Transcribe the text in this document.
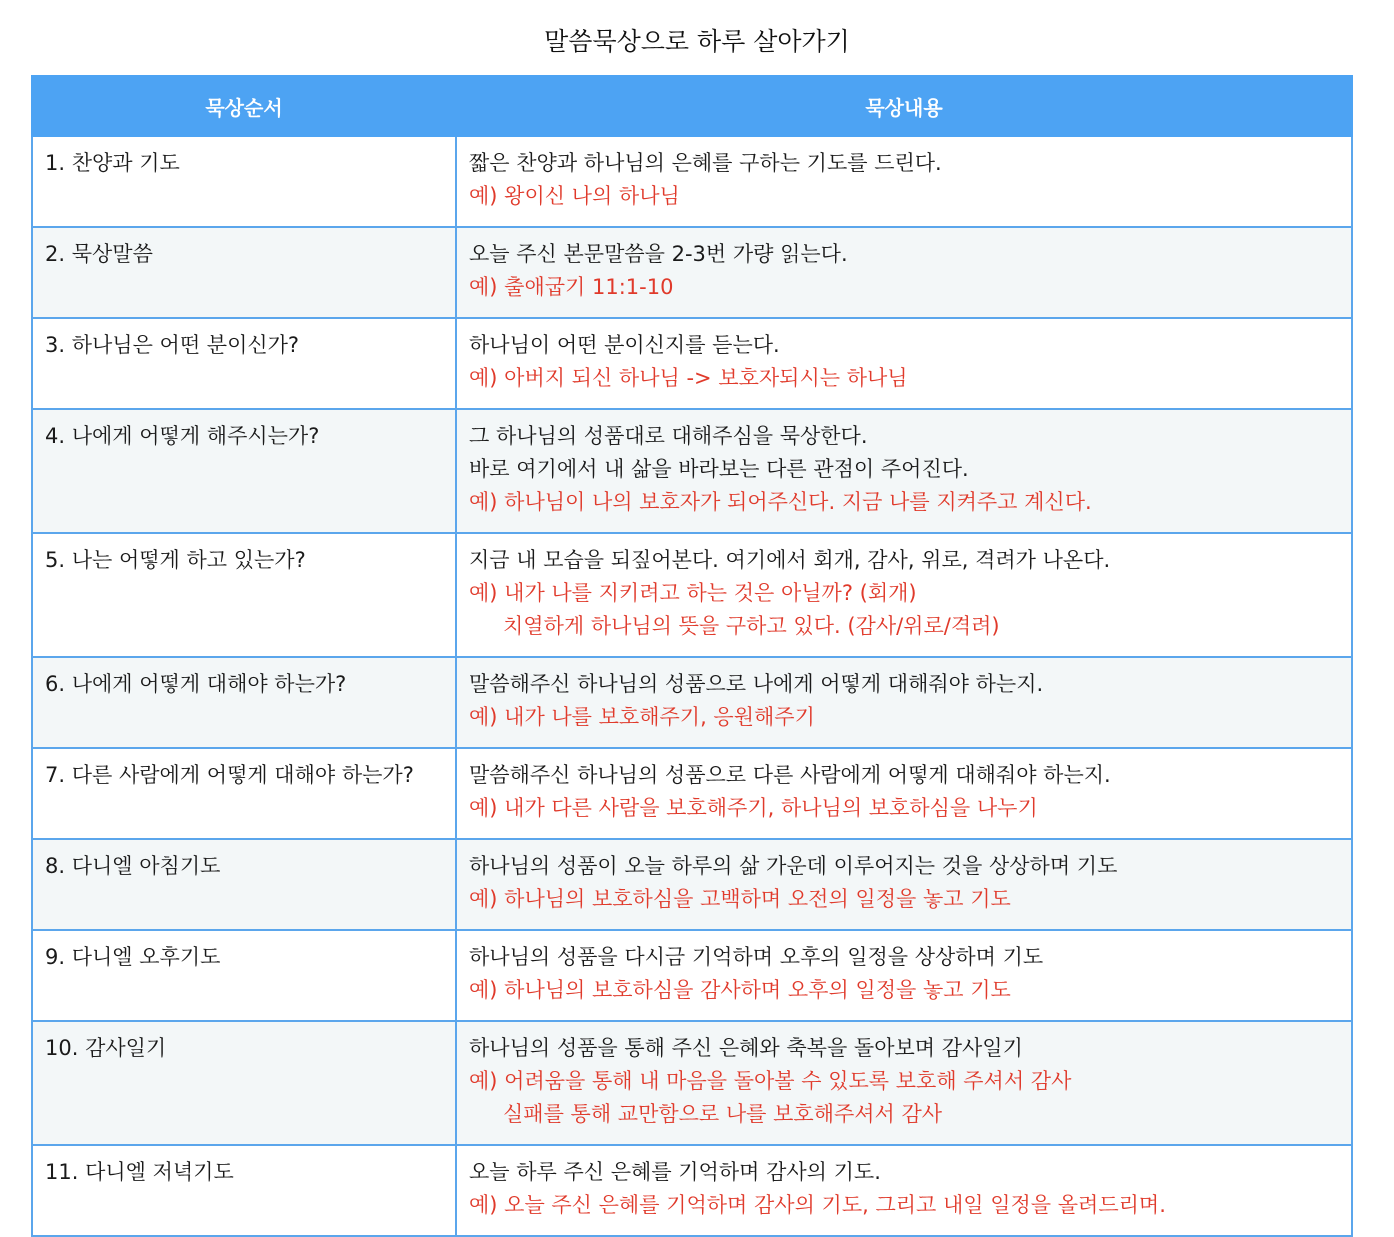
말씀묵상으로 하루 살아가기
묵상순서	묵상내용

1. 찬양과 기도	짧은 찬양과 하나님의 은혜를 구하는 기도를 드린다.
예) 왕이신 나의 하나님

2. 묵상말씀	오늘 주신 본문말씀을 2-3번 가량 읽는다.
예) 출애굽기 11:1-10

3. 하나님은 어떤 분이신가?	하나님이 어떤 분이신지를 듣는다.
예) 아버지 되신 하나님 -> 보호자되시는 하나님

4. 나에게 어떻게 해주시는가?	그 하나님의 성품대로 대해주심을 묵상한다.
바로 여기에서 내 삶을 바라보는 다른 관점이 주어진다.
예) 하나님이 나의 보호자가 되어주신다. 지금 나를 지켜주고 계신다.

5. 나는 어떻게 하고 있는가?	지금 내 모습을 되짚어본다. 여기에서 회개, 감사, 위로, 격려가 나온다.
예) 내가 나를 지키려고 하는 것은 아닐까? (회개)
치열하게 하나님의 뜻을 구하고 있다. (감사/위로/격려)

6. 나에게 어떻게 대해야 하는가?	말씀해주신 하나님의 성품으로 나에게 어떻게 대해줘야 하는지.
예) 내가 나를 보호해주기, 응원해주기

7. 다른 사람에게 어떻게 대해야 하는가?	말씀해주신 하나님의 성품으로 다른 사람에게 어떻게 대해줘야 하는지.
예) 내가 다른 사람을 보호해주기, 하나님의 보호하심을 나누기

8. 다니엘 아침기도	하나님의 성품이 오늘 하루의 삶 가운데 이루어지는 것을 상상하며 기도
예) 하나님의 보호하심을 고백하며 오전의 일정을 놓고 기도

9. 다니엘 오후기도	하나님의 성품을 다시금 기억하며 오후의 일정을 상상하며 기도
예) 하나님의 보호하심을 감사하며 오후의 일정을 놓고 기도

10. 감사일기	하나님의 성품을 통해 주신 은혜와 축복을 돌아보며 감사일기
예) 어려움을 통해 내 마음을 돌아볼 수 있도록 보호해 주셔서 감사
실패를 통해 교만함으로 나를 보호해주셔서 감사

11. 다니엘 저녁기도	오늘 하루 주신 은혜를 기억하며 감사의 기도.
예) 오늘 주신 은혜를 기억하며 감사의 기도, 그리고 내일 일정을 올려드리며.
